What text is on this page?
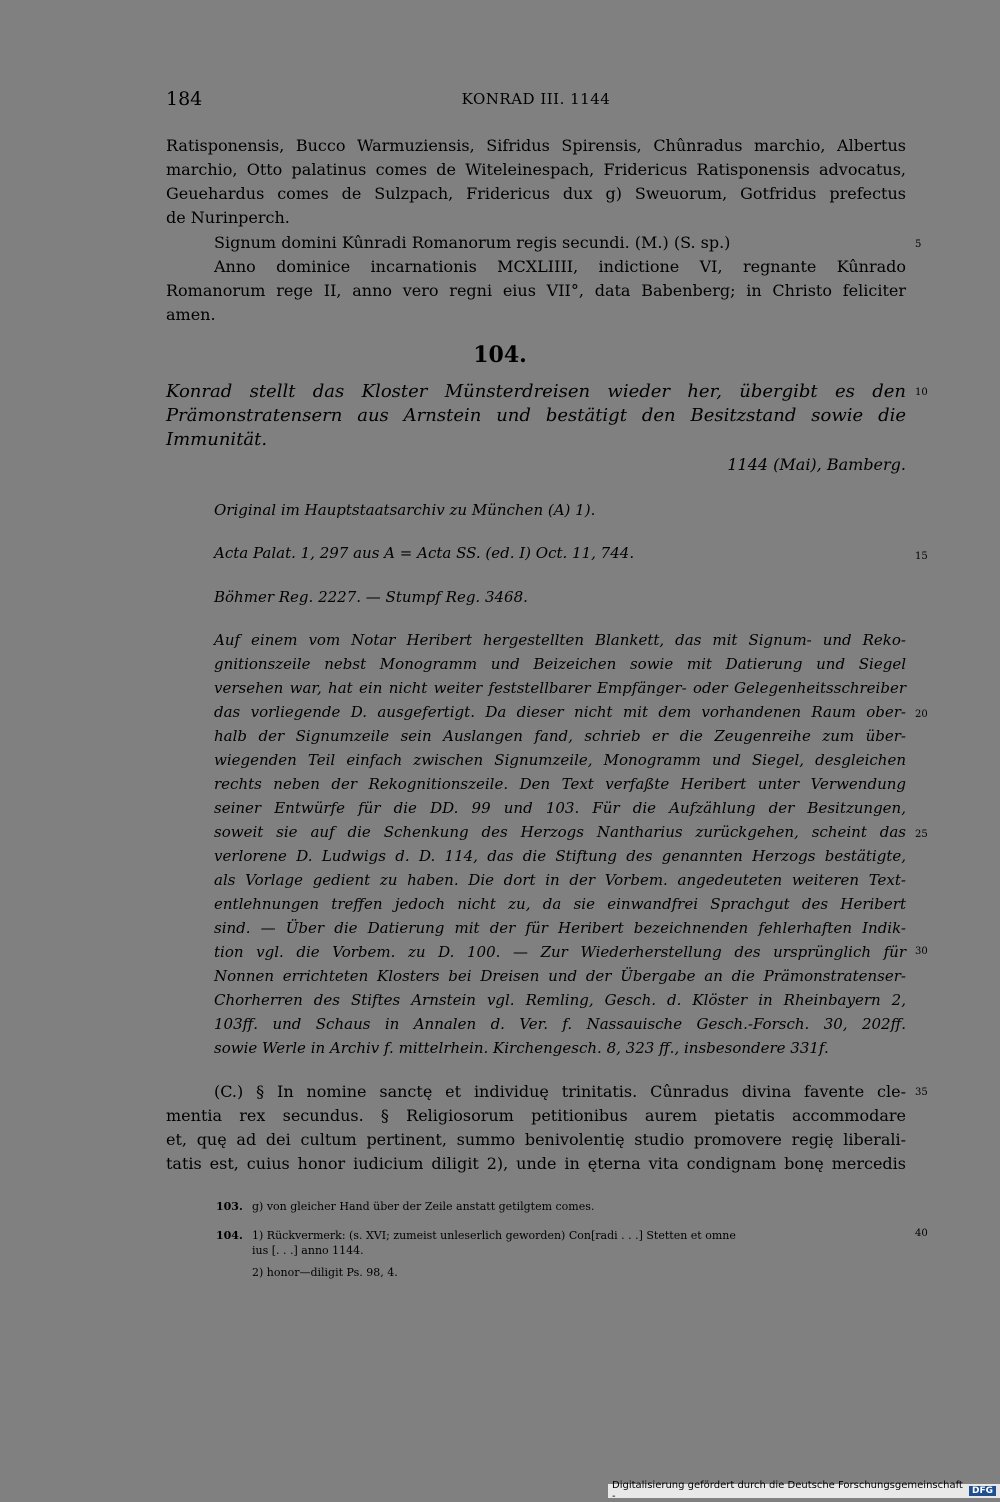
184	KONRAD III. 1144
Ratisponensis, Bucco Warmuziensis, Sifridus Spirensis, Chûnradus marchio, Albertus
marchio, Otto palatinus comes de Witeleinespach, Fridericus Ratisponensis advocatus,
Geuehardus comes de Sulzpach, Fridericus dux g) Sweuorum, Gotfridus prefectus
de Nurinperch.
Signum domini Kûnradi Romanorum regis secundi. (M.) (S. sp.)
Anno dominice incarnationis MCXLIIII, indictione VI, regnante Kûnrado
Romanorum rege II, anno vero regni eius VII°, data Babenberg; in Christo feliciter
amen.
104.
Konrad stellt das Kloster Münsterdreisen wieder her, übergibt es den
Prämonstratensern aus Arnstein und bestätigt den Besitzstand sowie die
Immunität.
1144 (Mai), Bamberg.
Original im Hauptstaatsarchiv zu München (A) 1).
Acta Palat. 1, 297 aus A = Acta SS. (ed. I) Oct. 11, 744.
Böhmer Reg. 2227. — Stumpf Reg. 3468.
Auf einem vom Notar Heribert hergestellten Blankett, das mit Signum- und Reko-
gnitionszeile nebst Monogramm und Beizeichen sowie mit Datierung und Siegel
versehen war, hat ein nicht weiter feststellbarer Empfänger- oder Gelegenheitsschreiber
das vorliegende D. ausgefertigt. Da dieser nicht mit dem vorhandenen Raum ober-
halb der Signumzeile sein Auslangen fand, schrieb er die Zeugenreihe zum über-
wiegenden Teil einfach zwischen Signumzeile, Monogramm und Siegel, desgleichen
rechts neben der Rekognitionszeile. Den Text verfaßte Heribert unter Verwendung
seiner Entwürfe für die DD. 99 und 103. Für die Aufzählung der Besitzungen,
soweit sie auf die Schenkung des Herzogs Nantharius zurückgehen, scheint das
verlorene D. Ludwigs d. D. 114, das die Stiftung des genannten Herzogs bestätigte,
als Vorlage gedient zu haben. Die dort in der Vorbem. angedeuteten weiteren Text-
entlehnungen treffen jedoch nicht zu, da sie einwandfrei Sprachgut des Heribert
sind. — Über die Datierung mit der für Heribert bezeichnenden fehlerhaften Indik-
tion vgl. die Vorbem. zu D. 100. — Zur Wiederherstellung des ursprünglich für
Nonnen errichteten Klosters bei Dreisen und der Übergabe an die Prämonstratenser-
Chorherren des Stiftes Arnstein vgl. Remling, Gesch. d. Klöster in Rheinbayern 2,
103ff. und Schaus in Annalen d. Ver. f. Nassauische Gesch.-Forsch. 30, 202ff.
sowie Werle in Archiv f. mittelrhein. Kirchengesch. 8, 323 ff., insbesondere 331f.
(C.) § In nomine sanctę et individuę trinitatis. Cûnradus divina favente cle-
mentia rex secundus. § Religiosorum petitionibus aurem pietatis accommodare
et, quę ad dei cultum pertinent, summo benivolentię studio promovere regię liberali-
tatis est, cuius honor iudicium diligit 2), unde in ęterna vita condignam bonę mercedis
5
10
15
20
25
30
35
40
103. g) von gleicher Hand über der Zeile anstatt getilgtem comes.
104. 1) Rückvermerk: (s. XVI; zumeist unleserlich geworden) Con[radi . . .] Stetten et omne
ius [. . .] anno 1144.
2) honor—diligit Ps. 98, 4.
Digitalisierung gefördert durch die Deutsche Forschungsgemeinschaft -	DFG
